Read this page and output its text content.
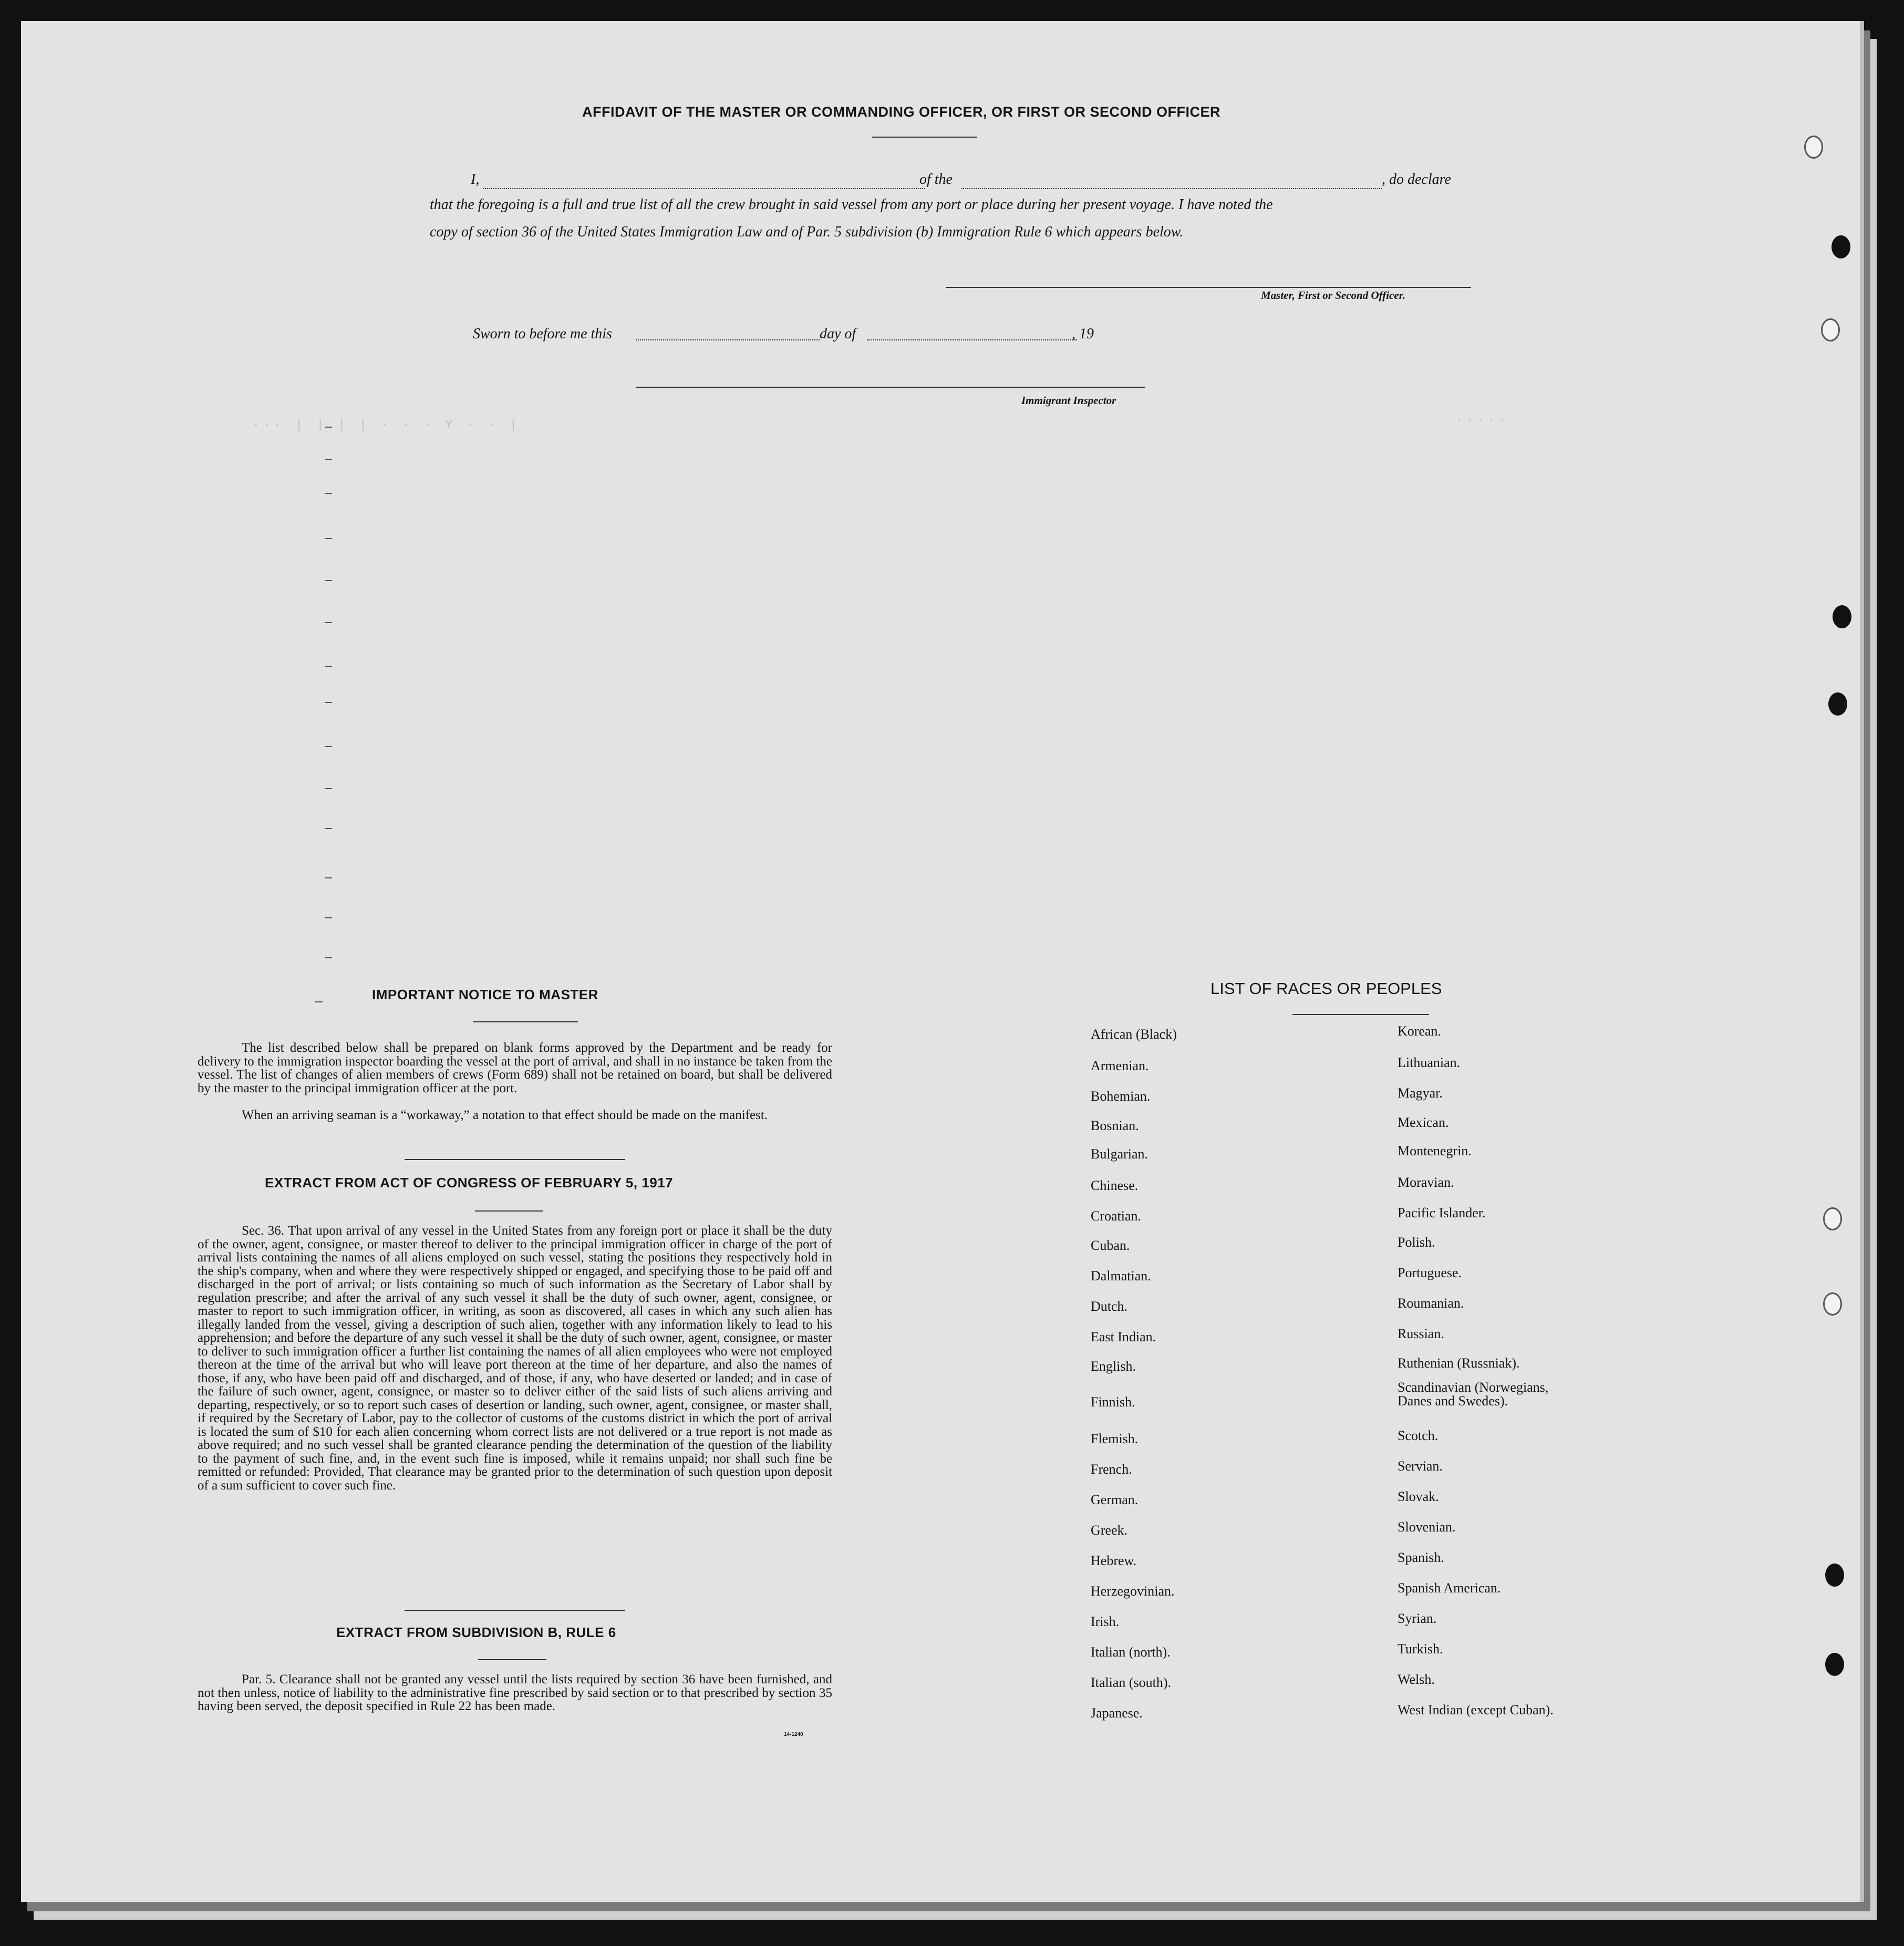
AFFIDAVIT OF THE MASTER OR COMMANDING OFFICER, OR FIRST OR SECOND OFFICER
I,	of the	, do declare
that the foregoing is a full and true list of all the crew brought in said vessel from any port or place during her present voyage. I have noted the
copy of section 36 of the United States Immigration Law and of Par. 5 subdivision (b) Immigration Rule 6 which appears below.
Master, First or Second Officer.
Sworn to before me this	day of	, 19
Immigrant Inspector
··· | | | | · · · Y · · |	·····
IMPORTANT NOTICE TO MASTER
The list described below shall be prepared on blank forms approved by the Department and be ready for delivery to the immigration inspector boarding the vessel at the port of arrival, and shall in no instance be taken from the vessel. The list of changes of alien members of crews (Form 689) shall not be retained on board, but shall be delivered by the master to the principal immigration officer at the port.
When an arriving seaman is a “workaway,” a notation to that effect should be made on the manifest.
EXTRACT FROM ACT OF CONGRESS OF FEBRUARY 5, 1917
Sec. 36. That upon arrival of any vessel in the United States from any foreign port or place it shall be the duty of the owner, agent, consignee, or master thereof to deliver to the principal immigration officer in charge of the port of arrival lists containing the names of all aliens employed on such vessel, stating the positions they respectively hold in the ship's company, when and where they were respectively shipped or engaged, and specifying those to be paid off and discharged in the port of arrival; or lists containing so much of such information as the Secretary of Labor shall by regulation prescribe; and after the arrival of any such vessel it shall be the duty of such owner, agent, consignee, or master to report to such immigration officer, in writing, as soon as discovered, all cases in which any such alien has illegally landed from the vessel, giving a description of such alien, together with any information likely to lead to his apprehension; and before the departure of any such vessel it shall be the duty of such owner, agent, consignee, or master to deliver to such immigration officer a further list containing the names of all alien employees who were not employed thereon at the time of the arrival but who will leave port thereon at the time of her departure, and also the names of those, if any, who have been paid off and discharged, and of those, if any, who have deserted or landed; and in case of the failure of such owner, agent, consignee, or master so to deliver either of the said lists of such aliens arriving and departing, respectively, or so to report such cases of desertion or landing, such owner, agent, consignee, or master shall, if required by the Secretary of Labor, pay to the collector of customs of the customs district in which the port of arrival is located the sum of $10 for each alien concerning whom correct lists are not delivered or a true report is not made as above required; and no such vessel shall be granted clearance pending the determination of the question of the liability to the payment of such fine, and, in the event such fine is imposed, while it remains unpaid; nor shall such fine be remitted or refunded: Provided, That clearance may be granted prior to the determination of such question upon deposit of a sum sufficient to cover such fine.
EXTRACT FROM SUBDIVISION B, RULE 6
Par. 5. Clearance shall not be granted any vessel until the lists required by section 36 have been furnished, and not then unless, notice of liability to the administrative fine prescribed by said section or to that prescribed by section 35 having been served, the deposit specified in Rule 22 has been made.
14-1240
LIST OF RACES OR PEOPLES
African (Black)
Armenian.
Bohemian.
Bosnian.
Bulgarian.
Chinese.
Croatian.
Cuban.
Dalmatian.
Dutch.
East Indian.
English.
Finnish.
Flemish.
French.
German.
Greek.
Hebrew.
Herzegovinian.
Irish.
Italian (north).
Italian (south).
Japanese.
Korean.
Lithuanian.
Magyar.
Mexican.
Montenegrin.
Moravian.
Pacific Islander.
Polish.
Portuguese.
Roumanian.
Russian.
Ruthenian (Russniak).
Scandinavian (Norwegians, Danes and Swedes).
Scotch.
Servian.
Slovak.
Slovenian.
Spanish.
Spanish American.
Syrian.
Turkish.
Welsh.
West Indian (except Cuban).
